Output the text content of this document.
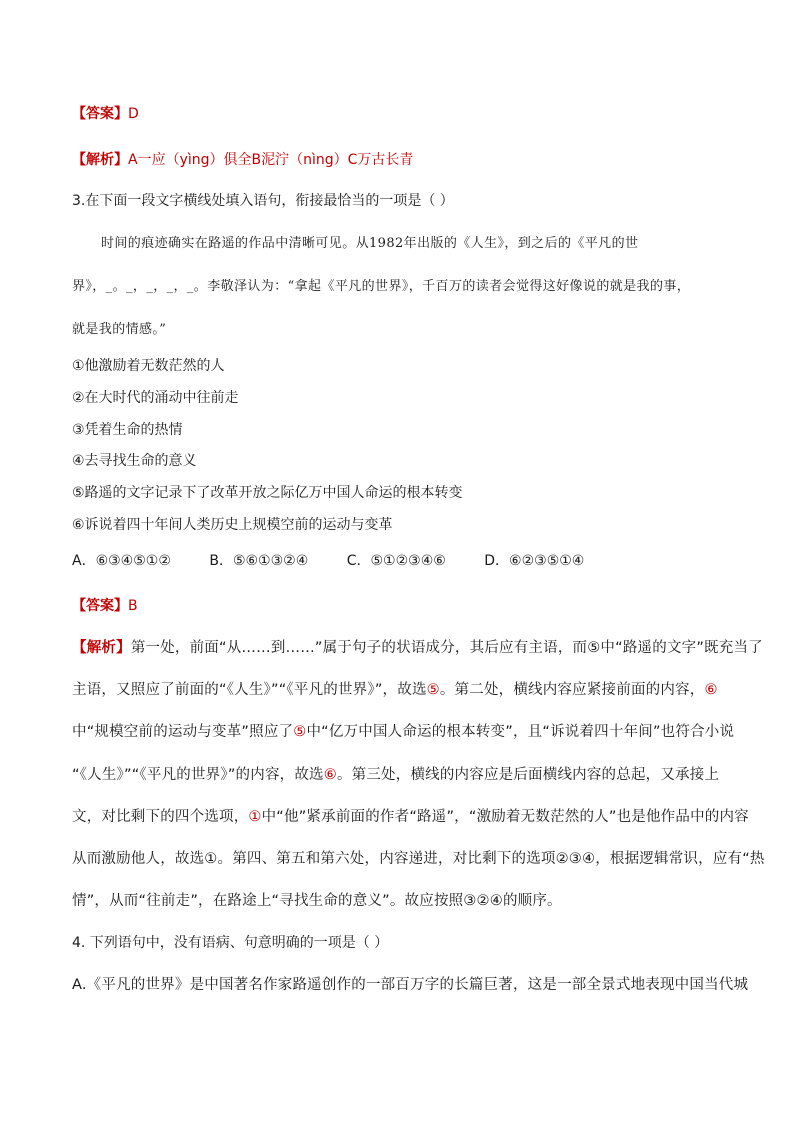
【答案】D
【解析】A一应（yìng）俱全B泥泞（nìng）C万古长青
3.在下面一段文字横线处填入语句，衔接最恰当的一项是（ ）
时间的痕迹确实在路遥的作品中清晰可见。从1982年出版的《人生》，到之后的《平凡的世
界》，_。_，_，_，_。李敬泽认为：“拿起《平凡的世界》，千百万的读者会觉得这好像说的就是我的事，
就是我的情感。”
①他激励着无数茫然的人
②在大时代的涌动中往前走
③凭着生命的热情
④去寻找生命的意义
⑤路遥的文字记录下了改革开放之际亿万中国人命运的根本转变
⑥诉说着四十年间人类历史上规模空前的运动与变革
A．⑥③④⑤①②	B．⑤⑥①③②④	C．⑤①②③④⑥	D．⑥②③⑤①④
【答案】B
【解析】第一处，前面“从……到……”属于句子的状语成分，其后应有主语，而⑤中“路遥的文字”既充当了
主语，又照应了前面的“《人生》”“《平凡的世界》”，故选⑤。第二处，横线内容应紧接前面的内容，⑥
中“规模空前的运动与变革”照应了⑤中“亿万中国人命运的根本转变”，且“诉说着四十年间”也符合小说
“《人生》”“《平凡的世界》”的内容，故选⑥。第三处，横线的内容应是后面横线内容的总起，又承接上
文，对比剩下的四个选项，①中“他”紧承前面的作者“路遥”，“激励着无数茫然的人”也是他作品中的内容
从而激励他人，故选①。第四、第五和第六处，内容递进，对比剩下的选项②③④，根据逻辑常识，应有“热
情”，从而“往前走”，在路途上“寻找生命的意义”。故应按照③②④的顺序。
4. 下列语句中，没有语病、句意明确的一项是（ ）
A.《平凡的世界》是中国著名作家路遥创作的一部百万字的长篇巨著，这是一部全景式地表现中国当代城
